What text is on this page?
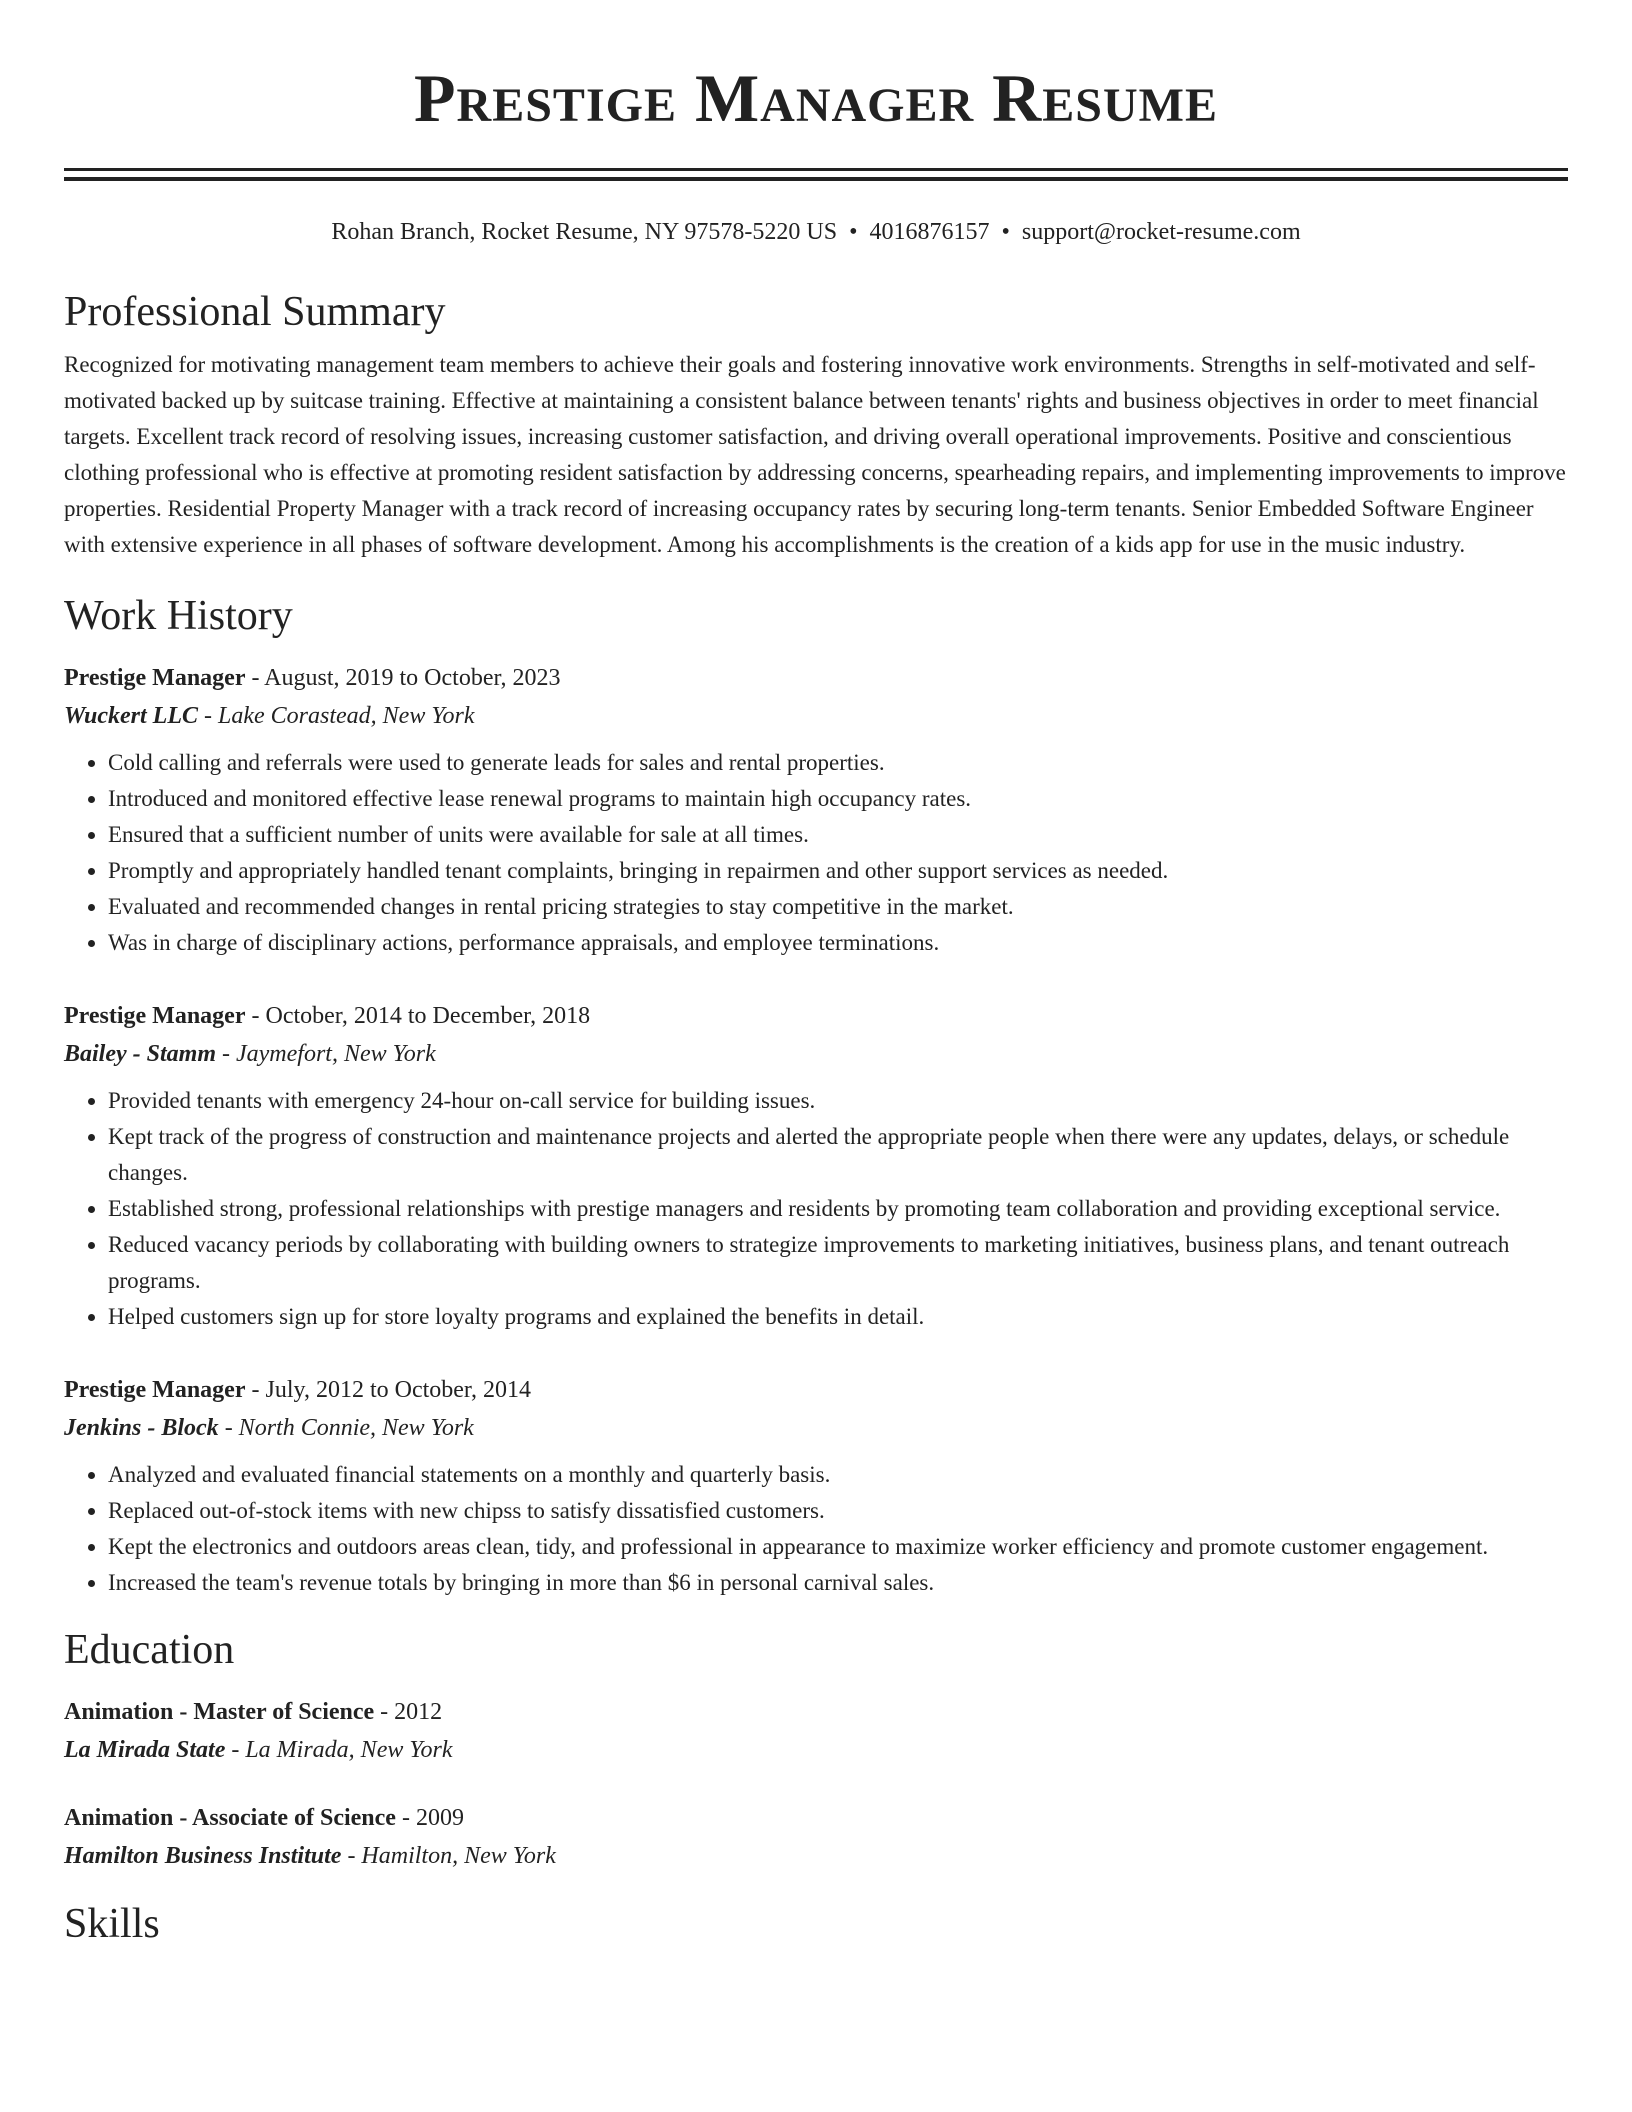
Prestige Manager Resume
Rohan Branch, Rocket Resume, NY 97578-5220 US • 4016876157 • support@rocket-resume.com
Professional Summary
Recognized for motivating management team members to achieve their goals and fostering innovative work environments. Strengths in self-motivated and self-motivated backed up by suitcase training. Effective at maintaining a consistent balance between tenants' rights and business objectives in order to meet financial targets. Excellent track record of resolving issues, increasing customer satisfaction, and driving overall operational improvements. Positive and conscientious clothing professional who is effective at promoting resident satisfaction by addressing concerns, spearheading repairs, and implementing improvements to improve properties. Residential Property Manager with a track record of increasing occupancy rates by securing long-term tenants. Senior Embedded Software Engineer with extensive experience in all phases of software development. Among his accomplishments is the creation of a kids app for use in the music industry.
Work History
Prestige Manager - August, 2019 to October, 2023
Wuckert LLC - Lake Corastead, New York
• Cold calling and referrals were used to generate leads for sales and rental properties.
• Introduced and monitored effective lease renewal programs to maintain high occupancy rates.
• Ensured that a sufficient number of units were available for sale at all times.
• Promptly and appropriately handled tenant complaints, bringing in repairmen and other support services as needed.
• Evaluated and recommended changes in rental pricing strategies to stay competitive in the market.
• Was in charge of disciplinary actions, performance appraisals, and employee terminations.
Prestige Manager - October, 2014 to December, 2018
Bailey - Stamm - Jaymefort, New York
• Provided tenants with emergency 24-hour on-call service for building issues.
• Kept track of the progress of construction and maintenance projects and alerted the appropriate people when there were any updates, delays, or schedule changes.
• Established strong, professional relationships with prestige managers and residents by promoting team collaboration and providing exceptional service.
• Reduced vacancy periods by collaborating with building owners to strategize improvements to marketing initiatives, business plans, and tenant outreach programs.
• Helped customers sign up for store loyalty programs and explained the benefits in detail.
Prestige Manager - July, 2012 to October, 2014
Jenkins - Block - North Connie, New York
• Analyzed and evaluated financial statements on a monthly and quarterly basis.
• Replaced out-of-stock items with new chipss to satisfy dissatisfied customers.
• Kept the electronics and outdoors areas clean, tidy, and professional in appearance to maximize worker efficiency and promote customer engagement.
• Increased the team's revenue totals by bringing in more than $6 in personal carnival sales.
Education
Animation - Master of Science - 2012
La Mirada State - La Mirada, New York
Animation - Associate of Science - 2009
Hamilton Business Institute - Hamilton, New York
Skills
